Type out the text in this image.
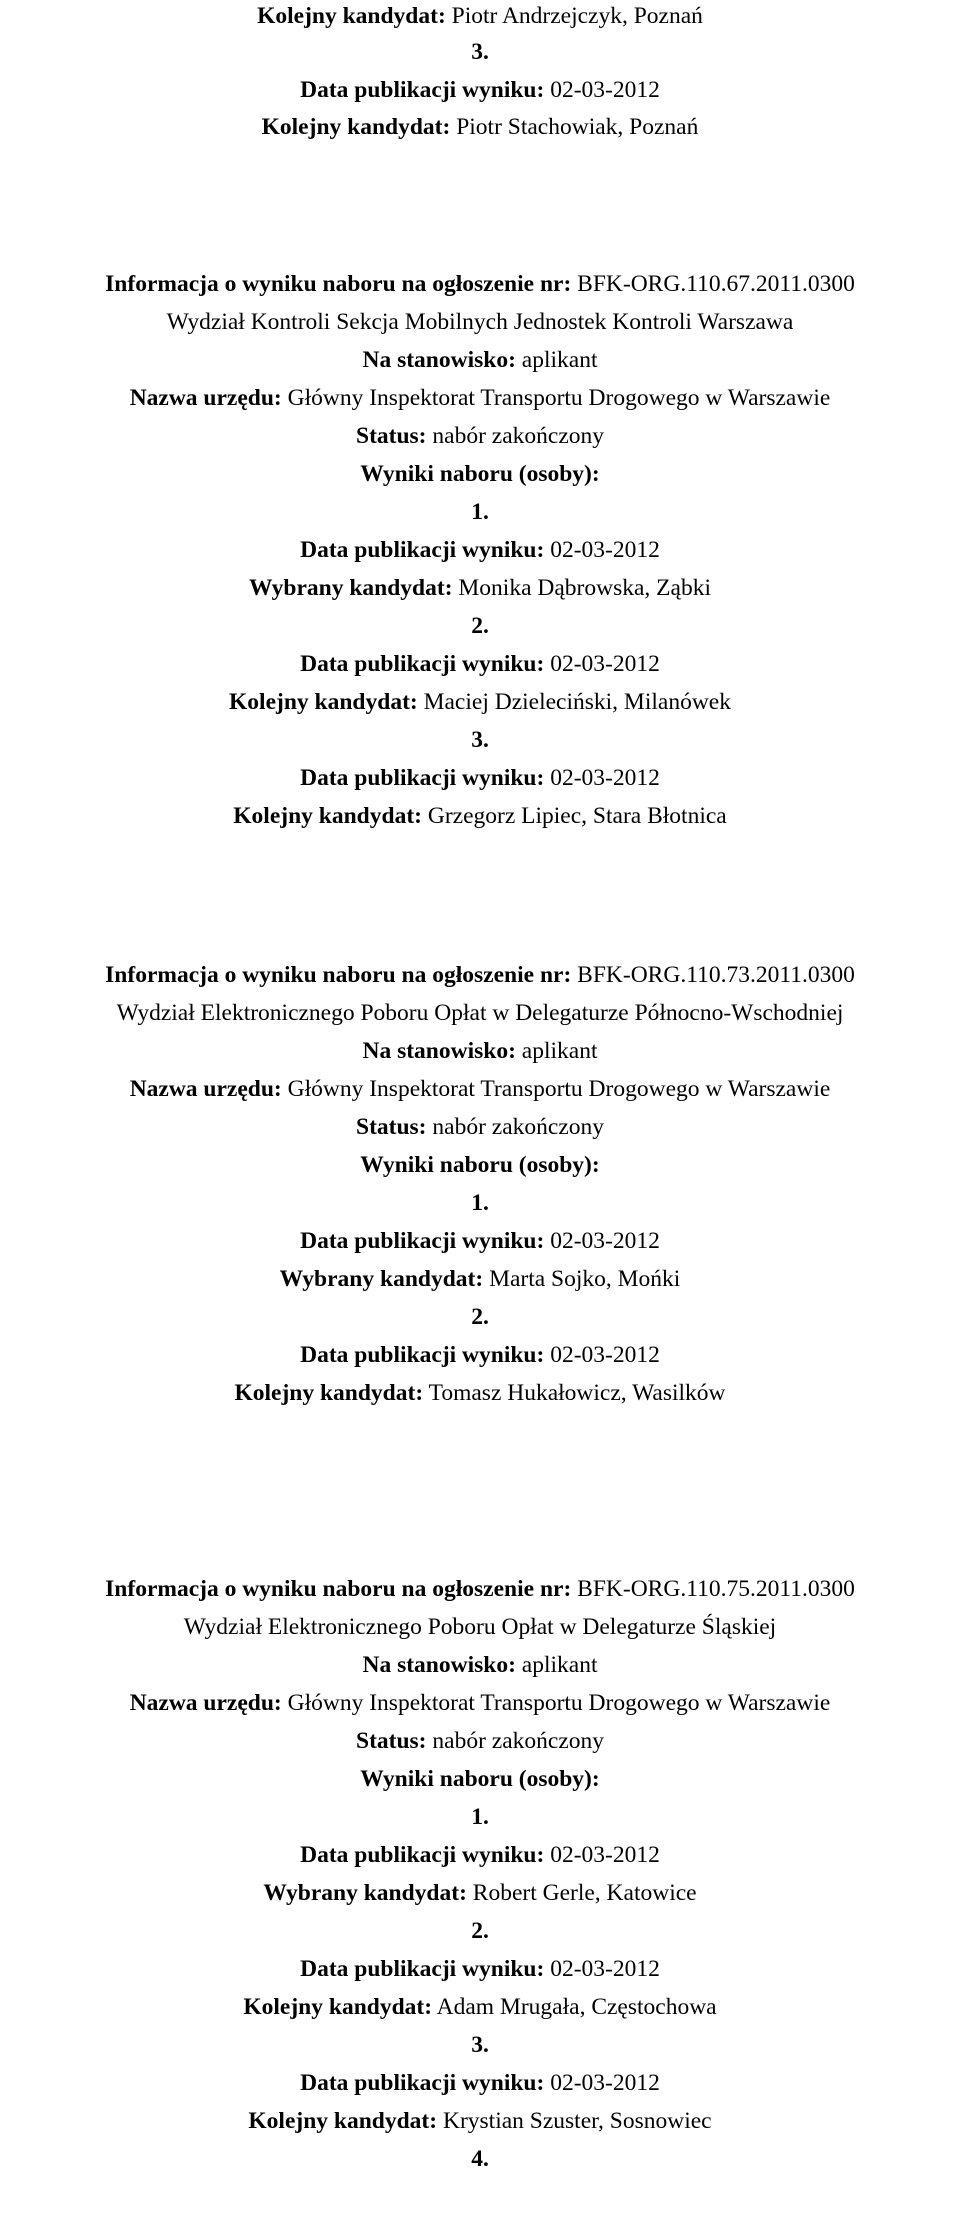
Kolejny kandydat: Piotr Andrzejczyk, Poznań
3.
Data publikacji wyniku: 02-03-2012
Kolejny kandydat: Piotr Stachowiak, Poznań
Informacja o wyniku naboru na ogłoszenie nr: BFK-ORG.110.67.2011.0300
Wydział Kontroli Sekcja Mobilnych Jednostek Kontroli Warszawa
Na stanowisko: aplikant
Nazwa urzędu: Główny Inspektorat Transportu Drogowego w Warszawie
Status: nabór zakończony
Wyniki naboru (osoby):
1.
Data publikacji wyniku: 02-03-2012
Wybrany kandydat: Monika Dąbrowska, Ząbki
2.
Data publikacji wyniku: 02-03-2012
Kolejny kandydat: Maciej Dzieleciński, Milanówek
3.
Data publikacji wyniku: 02-03-2012
Kolejny kandydat: Grzegorz Lipiec, Stara Błotnica
Informacja o wyniku naboru na ogłoszenie nr: BFK-ORG.110.73.2011.0300
Wydział Elektronicznego Poboru Opłat w Delegaturze Północno-Wschodniej
Na stanowisko: aplikant
Nazwa urzędu: Główny Inspektorat Transportu Drogowego w Warszawie
Status: nabór zakończony
Wyniki naboru (osoby):
1.
Data publikacji wyniku: 02-03-2012
Wybrany kandydat: Marta Sojko, Mońki
2.
Data publikacji wyniku: 02-03-2012
Kolejny kandydat: Tomasz Hukałowicz, Wasilków
Informacja o wyniku naboru na ogłoszenie nr: BFK-ORG.110.75.2011.0300
Wydział Elektronicznego Poboru Opłat w Delegaturze Śląskiej
Na stanowisko: aplikant
Nazwa urzędu: Główny Inspektorat Transportu Drogowego w Warszawie
Status: nabór zakończony
Wyniki naboru (osoby):
1.
Data publikacji wyniku: 02-03-2012
Wybrany kandydat: Robert Gerle, Katowice
2.
Data publikacji wyniku: 02-03-2012
Kolejny kandydat: Adam Mrugała, Częstochowa
3.
Data publikacji wyniku: 02-03-2012
Kolejny kandydat: Krystian Szuster, Sosnowiec
4.
